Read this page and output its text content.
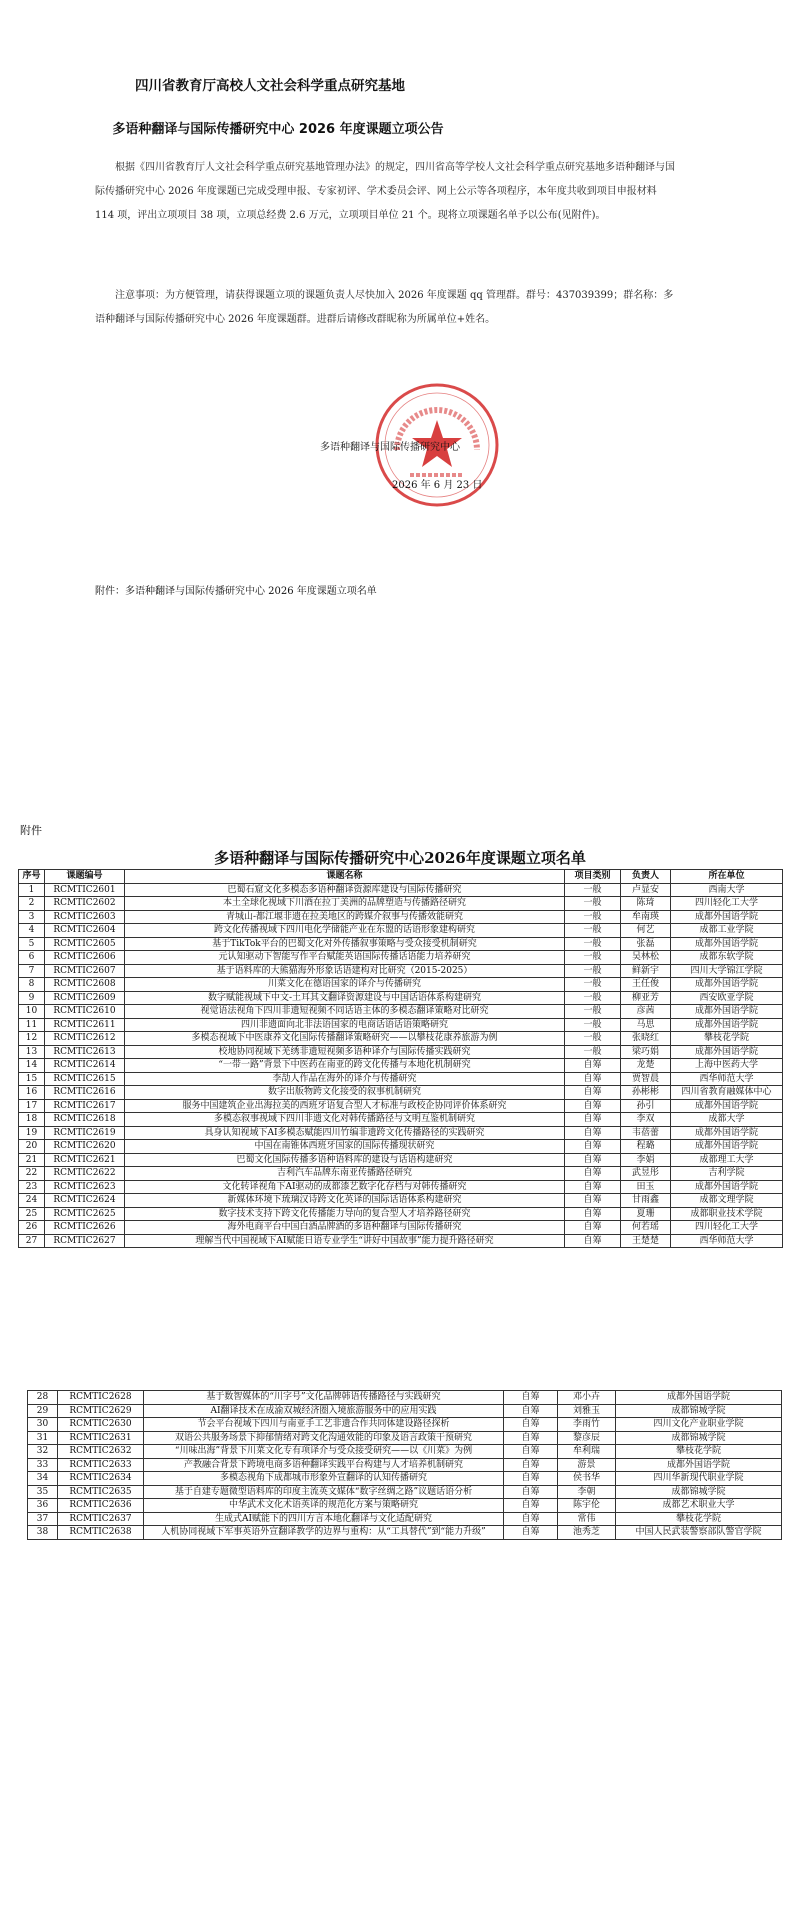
四川省教育厅高校人文社会科学重点研究基地
多语种翻译与国际传播研究中心 2026 年度课题立项公告

根据《四川省教育厅人文社会科学重点研究基地管理办法》的规定，四川省高等学校人文社会科学重点研究基地多语种翻译与国际传播研究中心 2026 年度课题已完成受理申报、专家初评、学术委员会评、网上公示等各项程序，本年度共收到项目申报材料 114 项，评出立项项目 38 项，立项总经费 2.6 万元，立项项目单位 21 个。现将立项课题名单予以公布(见附件)。

注意事项：为方便管理，请获得课题立项的课题负责人尽快加入 2026 年度课题 qq 管理群。群号：437039399；群名称：多语种翻译与国际传播研究中心 2026 年度课题群。进群后请修改群昵称为所属单位+姓名。

多语种翻译与国际传播研究中心
2026 年 6 月 23 日
附件：多语种翻译与国际传播研究中心 2026 年度课题立项名单
附件
多语种翻译与国际传播研究中心2026年度课题立项名单
序号	课题编号	课题名称	项目类别	负责人	所在单位
1	RCMTIC2601	巴蜀石窟文化多模态多语种翻译资源库建设与国际传播研究	一般	卢显安	西南大学
2	RCMTIC2602	本土全球化视域下川酒在拉丁美洲的品牌塑造与传播路径研究	一般	陈琦	四川轻化工大学
3	RCMTIC2603	青城山-都江堰非遗在拉美地区的跨媒介叙事与传播效能研究	一般	牟南瑛	成都外国语学院
4	RCMTIC2604	跨文化传播视域下四川电化学储能产业在东盟的话语形象建构研究	一般	何艺	成都工业学院
5	RCMTIC2605	基于TikTok平台的巴蜀文化对外传播叙事策略与受众接受机制研究	一般	张磊	成都外国语学院
6	RCMTIC2606	元认知驱动下智能写作平台赋能英语国际传播话语能力培养研究	一般	吴林松	成都东软学院
7	RCMTIC2607	基于语料库的大熊猫海外形象话语建构对比研究（2015-2025）	一般	鲜新宇	四川大学锦江学院
8	RCMTIC2608	川菜文化在德语国家的译介与传播研究	一般	王任俊	成都外国语学院
9	RCMTIC2609	数字赋能视域下中文-土耳其文翻译资源建设与中国话语体系构建研究	一般	柳亚芳	西安欧亚学院
10	RCMTIC2610	视觉语法视角下四川非遗短视频不同话语主体的多模态翻译策略对比研究	一般	彦茜	成都外国语学院
11	RCMTIC2611	四川非遗面向北非法语国家的电商话语话语策略研究	一般	马思	成都外国语学院
12	RCMTIC2612	多模态视域下中医康养文化国际传播翻译策略研究——以攀枝花康养旅游为例	一般	张晓红	攀枝花学院
13	RCMTIC2613	校地协同视域下羌绣非遗短视频多语种译介与国际传播实践研究	一般	梁巧娟	成都外国语学院
14	RCMTIC2614	“一带一路”背景下中医药在南亚的跨文化传播与本地化机制研究	自筹	龙楚	上海中医药大学
15	RCMTIC2615	李劼人作品在海外的译介与传播研究	自筹	贾智晨	西华师范大学
16	RCMTIC2616	数字出版物跨文化接受的叙事机制研究	自筹	孙彬彬	四川省教育融媒体中心
17	RCMTIC2617	服务中国建筑企业出海拉美的西班牙语复合型人才标准与政校企协同评价体系研究	自筹	孙引	成都外国语学院
18	RCMTIC2618	多模态叙事视域下四川非遗文化对韩传播路径与文明互鉴机制研究	自筹	李双	成都大学
19	RCMTIC2619	具身认知视域下AI多模态赋能四川竹编非遗跨文化传播路径的实践研究	自筹	韦蓓蕾	成都外国语学院
20	RCMTIC2620	中国在南锥体西班牙国家的国际传播现状研究	自筹	程璐	成都外国语学院
21	RCMTIC2621	巴蜀文化国际传播多语种语料库的建设与话语构建研究	自筹	李娟	成都理工大学
22	RCMTIC2622	吉利汽车品牌东南亚传播路径研究	自筹	武昱彤	吉利学院
23	RCMTIC2623	文化转译视角下AI驱动的成都漆艺数字化存档与对韩传播研究	自筹	田玉	成都外国语学院
24	RCMTIC2624	新媒体环境下琉璃汉诗跨文化英译的国际话语体系构建研究	自筹	甘雨鑫	成都文理学院
25	RCMTIC2625	数字技术支持下跨文化传播能力导向的复合型人才培养路径研究	自筹	夏珊	成都职业技术学院
26	RCMTIC2626	海外电商平台中国白酒品牌酒的多语种翻译与国际传播研究	自筹	何若瑶	四川轻化工大学
27	RCMTIC2627	理解当代中国视域下AI赋能日语专业学生“讲好中国故事”能力提升路径研究	自筹	王楚楚	西华师范大学
28	RCMTIC2628	基于数智媒体的“川字号”文化品牌韩语传播路径与实践研究	自筹	邓小卉	成都外国语学院
29	RCMTIC2629	AI翻译技术在成渝双城经济圈入境旅游服务中的应用实践	自筹	刘雅玉	成都锦城学院
30	RCMTIC2630	节会平台视域下四川与南亚手工艺非遗合作共同体建设路径探析	自筹	李雨竹	四川文化产业职业学院
31	RCMTIC2631	双语公共服务场景下抑郁情绪对跨文化沟通效能的印象及语言政策干预研究	自筹	黎彦辰	成都锦城学院
32	RCMTIC2632	“川味出海”背景下川菜文化专有项译介与受众接受研究——以《川菜》为例	自筹	牟利瑞	攀枝花学院
33	RCMTIC2633	产教融合背景下跨境电商多语种翻译实践平台构建与人才培养机制研究	自筹	游景	成都外国语学院
34	RCMTIC2634	多模态视角下成都城市形象外宣翻译的认知传播研究	自筹	侯书华	四川华新现代职业学院
35	RCMTIC2635	基于自建专题微型语料库的印度主流英文媒体“数字丝绸之路”议题话语分析	自筹	李朝	成都锦城学院
36	RCMTIC2636	中华武术文化术语英译的规范化方案与策略研究	自筹	陈宇伦	成都艺术职业大学
37	RCMTIC2637	生成式AI赋能下的四川方言本地化翻译与文化适配研究	自筹	常伟	攀枝花学院
38	RCMTIC2638	人机协同视域下军事英语外宣翻译教学的边界与重构：从“工具替代”到“能力升级”	自筹	池秀芝	中国人民武装警察部队警官学院
